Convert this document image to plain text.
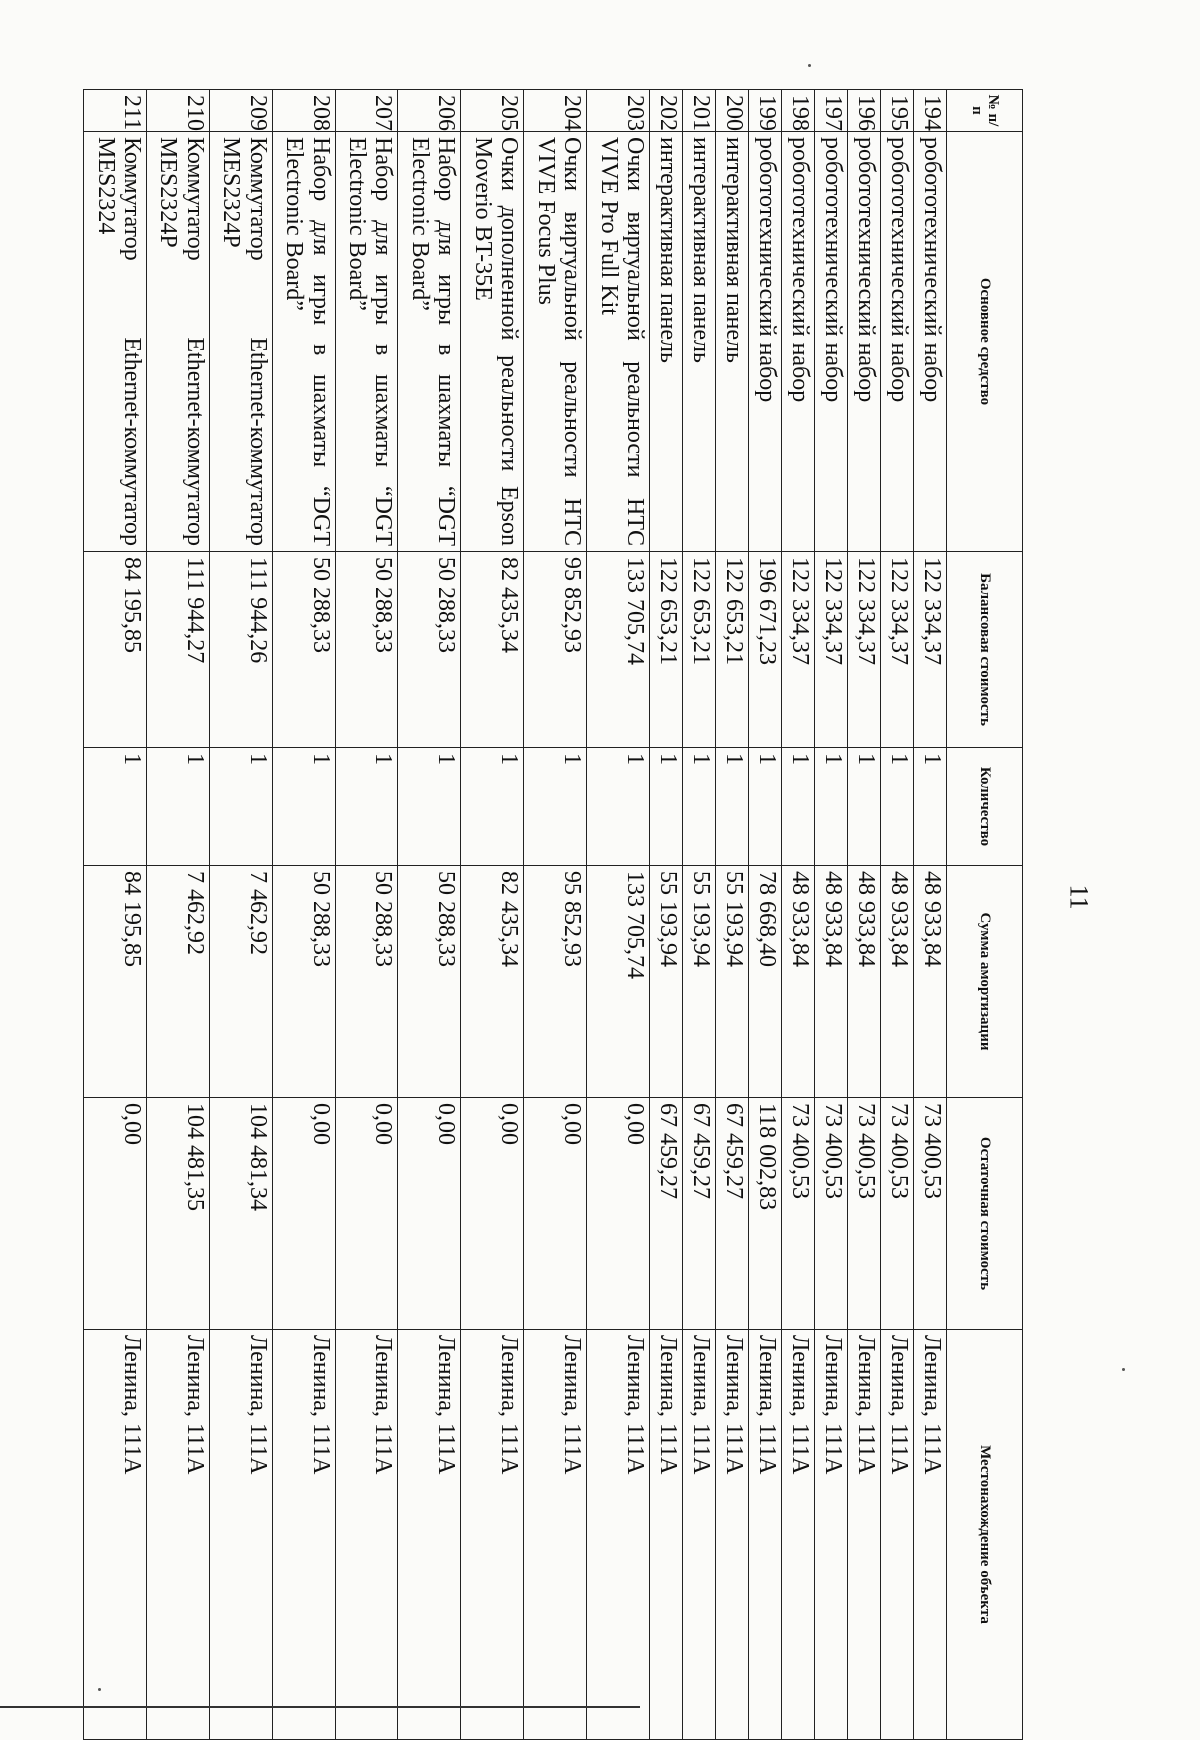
11
№ п/п	Основное средство	Балансовая стоимость	Количество	Сумма амортизации	Остаточная стоимость	Местонахождение объекта
194	робототехнический набор	122 334,37	1	48 933,84	73 400,53	Ленина, 111А
195	робототехнический набор	122 334,37	1	48 933,84	73 400,53	Ленина, 111А
196	робототехнический набор	122 334,37	1	48 933,84	73 400,53	Ленина, 111А
197	робототехнический набор	122 334,37	1	48 933,84	73 400,53	Ленина, 111А
198	робототехнический набор	122 334,37	1	48 933,84	73 400,53	Ленина, 111А
199	робототехнический набор	196 671,23	1	78 668,40	118 002,83	Ленина, 111А
200	интерактивная панель	122 653,21	1	55 193,94	67 459,27	Ленина, 111А
201	интерактивная панель	122 653,21	1	55 193,94	67 459,27	Ленина, 111А
202	интерактивная панель	122 653,21	1	55 193,94	67 459,27	Ленина, 111А
203	Очки виртуальной реальности HTC VIVE Pro Full Kit	133 705,74	1	133 705,74	0,00	Ленина, 111А
204	Очки виртуальной реальности HTC VIVE Focus Plus	95 852,93	1	95 852,93	0,00	Ленина, 111А
205	Очки дополненной реальности Epson Moverio BT-35E	82 435,34	1	82 435,34	0,00	Ленина, 111А
206	Набор для игры в шахматы “DGT Electronic Board”	50 288,33	1	50 288,33	0,00	Ленина, 111А
207	Набор для игры в шахматы “DGT Electronic Board”	50 288,33	1	50 288,33	0,00	Ленина, 111А
208	Набор для игры в шахматы “DGT Electronic Board”	50 288,33	1	50 288,33	0,00	Ленина, 111А
209	Коммутатор Ethernet-коммутатор MES2324P	111 944,26	1	7 462,92	104 481,34	Ленина, 111А
210	Коммутатор Ethernet-коммутатор MES2324P	111 944,27	1	7 462,92	104 481,35	Ленина, 111А
211	Коммутатор Ethernet-коммутатор MES2324	84 195,85	1	84 195,85	0,00	Ленина, 111А
